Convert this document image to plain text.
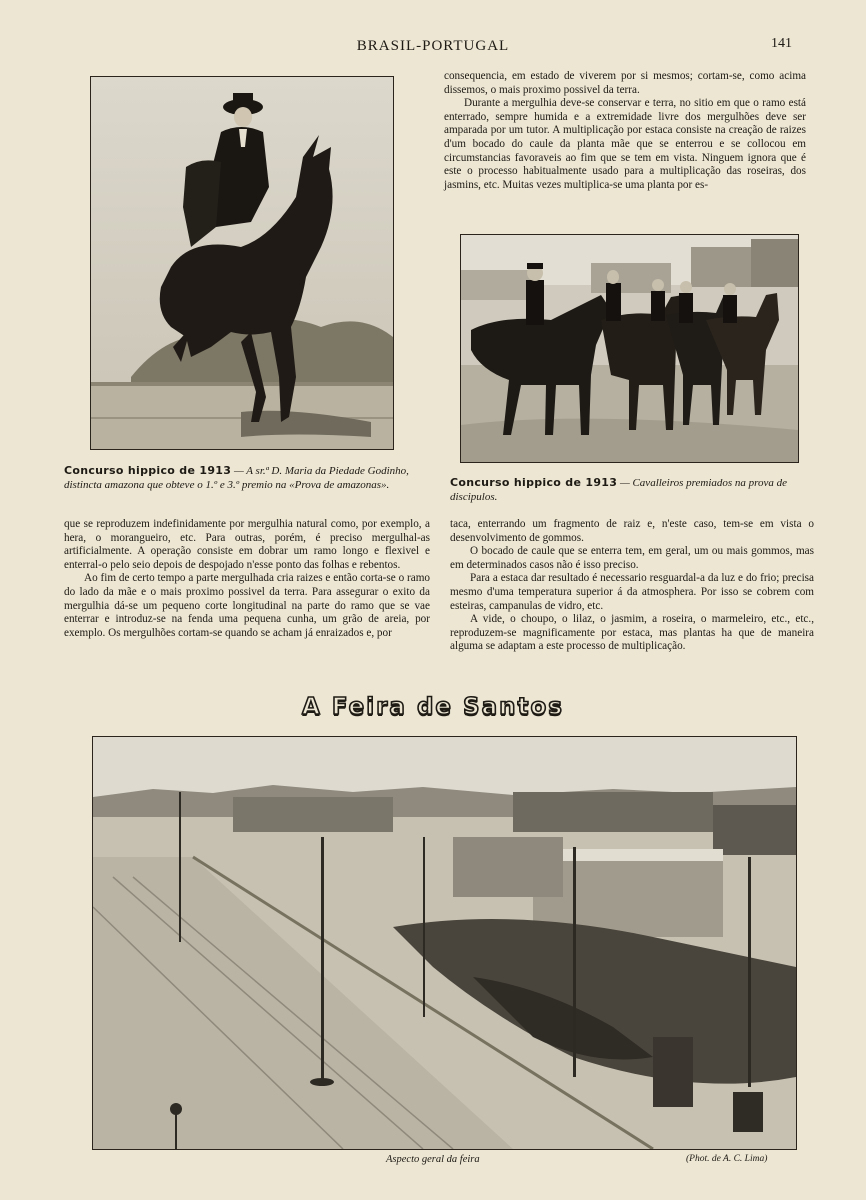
BRASIL-PORTUGAL	141
Concurso hippico de 1913 — A sr.ª D. Maria da Piedade Godinho, distincta amazona que obteve o 1.º e 3.º premio na «Prova de amazonas».

consequencia, em estado de viverem por si mesmos; cortam-se, como acima dissemos, o mais proximo possivel da terra.

Durante a mergulhia deve-se conservar e terra, no sitio em que o ramo está enterrado, sempre humida e a extremidade livre dos mergulhões deve ser amparada por um tutor. A multiplicação por estaca consiste na creação de raizes d'um bocado do caule da planta mãe que se enterrou e se collocou em circumstancias favoraveis ao fim que se tem em vista. Ninguem ignora que é este o processo habitualmente usado para a multiplicação das roseiras, dos jasmins, etc. Muitas vezes multiplica-se uma planta por es-

Concurso hippico de 1913 — Cavalleiros premiados na prova de discipulos.

que se reproduzem indefinidamente por mergulhia natural como, por exemplo, a hera, o morangueiro, etc. Para outras, porém, é preciso mergulhal-as artificialmente. A operação consiste em dobrar um ramo longo e flexivel e enterral-o pelo seio depois de despojado n'esse ponto das folhas e rebentos.

Ao fim de certo tempo a parte mergulhada cria raizes e então corta-se o ramo do lado da mãe e o mais proximo possivel da terra. Para assegurar o exito da mergulhia dá-se um pequeno corte longitudinal na parte do ramo que se vae enterrar e introduz-se na fenda uma pequena cunha, um grão de areia, por exemplo. Os mergulhões cortam-se quando se acham já enraizados e, por

taca, enterrando um fragmento de raiz e, n'este caso, tem-se em vista o desenvolvimento de gommos.

O bocado de caule que se enterra tem, em geral, um ou mais gommos, mas em determinados casos não é isso preciso.

Para a estaca dar resultado é necessario resguardal-a da luz e do frio; precisa mesmo d'uma temperatura superior á da atmosphera. Por isso se cobrem com esteiras, campanulas de vidro, etc.

A vide, o choupo, o lilaz, o jasmim, a roseira, o marmeleiro, etc., etc., reproduzem-se magnificamente por estaca, mas plantas ha que de maneira alguma se adaptam a este processo de multiplicação.

A Feira de Santos
Aspecto geral da feira	(Phot. de A. C. Lima)
